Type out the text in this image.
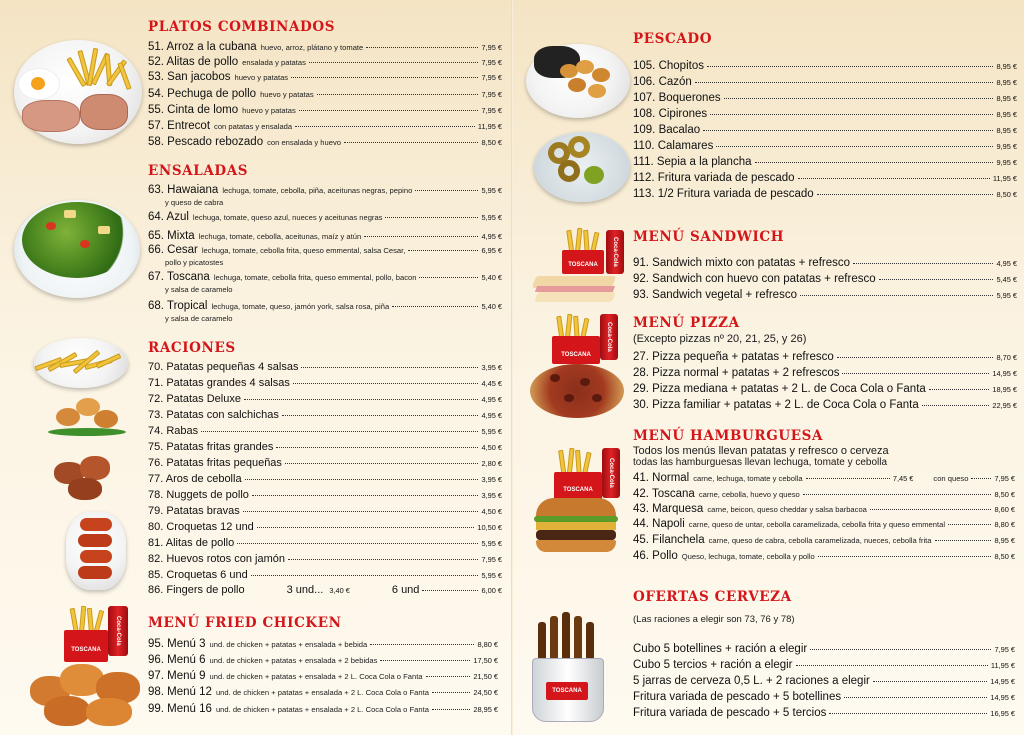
PLATOS COMBINADOS
51. Arroz a la cubana huevo, arroz, plátano y tomate	7,95 €
52. Alitas de pollo ensalada y patatas	7,95 €
53. San jacobos huevo y patatas	7,95 €
54. Pechuga de pollo huevo y patatas	7,95 €
55. Cinta de lomo huevo y patatas	7,95 €
57. Entrecot con patatas y ensalada	11,95 €
58. Pescado rebozado con ensalada y huevo	8,50 €
ENSALADAS
63. Hawaiana lechuga, tomate, cebolla, piña, aceitunas negras, pepino	5,95 €
y queso de cabra
64. Azul lechuga, tomate, queso azul, nueces y aceitunas negras	5,95 €
65. Mixta lechuga, tomate, cebolla, aceitunas, maíz y atún	4,95 €
66. Cesar lechuga, tomate, cebolla frita, queso emmental, salsa Cesar,	6,95 €
pollo y picatostes
67. Toscana lechuga, tomate, cebolla frita, queso emmental, pollo, bacon	5,40 €
y salsa de caramelo
68. Tropical lechuga, tomate, queso, jamón york, salsa rosa, piña	5,40 €
y salsa de caramelo
RACIONES
70. Patatas pequeñas 4 salsas	3,95 €
71. Patatas grandes 4 salsas	4,45 €
72. Patatas Deluxe	4,95 €
73. Patatas con salchichas	4,95 €
74. Rabas	5,95 €
75. Patatas fritas grandes	4,50 €
76. Patatas fritas pequeñas	2,80 €
77. Aros de cebolla	3,95 €
78. Nuggets de pollo	3,95 €
79. Patatas bravas	4,50 €
80. Croquetas 12 und	10,50 €
81. Alitas de pollo	5,95 €
82. Huevos rotos con jamón	7,95 €
85. Croquetas 6 und	5,95 €
86. Fingers de pollo	3 und... 3,40 €	6 und	6,00 €
TOSCANA
Coca-Cola	MENÚ FRIED CHICKEN
95. Menú 3 und. de chicken + patatas + ensalada + bebida	8,80 €
96. Menú 6 und. de chicken + patatas + ensalada + 2 bebidas	17,50 €
97. Menú 9 und. de chicken + patatas + ensalada + 2 L. Coca Cola o Fanta	21,50 €
98. Menú 12 und. de chicken + patatas + ensalada + 2 L. Coca Cola o Fanta	24,50 €
99. Menú 16 und. de chicken + patatas + ensalada + 2 L. Coca Cola o Fanta	28,95 €
PESCADO
105. Chopitos	8,95 €
106. Cazón	8,95 €
107. Boquerones	8,95 €
108. Cipirones	8,95 €
109. Bacalao	8,95 €
110. Calamares	9,95 €
111. Sepia a la plancha	9,95 €
112. Fritura variada de pescado	11,95 €
113. 1/2 Fritura variada de pescado	8,50 €
TOSCANA	Coca-Cola
MENÚ SANDWICH
91. Sandwich mixto con patatas + refresco	4,95 €
92. Sandwich con huevo con patatas + refresco	5,45 €
93. Sandwich vegetal + refresco	5,95 €
TOSCANA
Coca-Cola	MENÚ PIZZA
(Excepto pizzas nº 20, 21, 25, y 26)
27. Pizza pequeña + patatas + refresco	8,70 €
28. Pizza normal + patatas + 2 refrescos	14,95 €
29. Pizza mediana + patatas + 2 L. de Coca Cola o Fanta	18,95 €
30. Pizza familiar + patatas + 2 L. de Coca Cola o Fanta	22,95 €
TOSCANA
Coca-Cola
MENÚ HAMBURGUESA
Todos los menús llevan patatas y refresco o cerveza
todas las hamburguesas llevan lechuga, tomate y cebolla
41. Normal carne, lechuga, tomate y cebolla	7,45 €	con queso	7,95 €
42. Toscana carne, cebolla, huevo y queso	8,50 €
43. Marquesa carne, beicon, queso cheddar y salsa barbacoa	8,60 €
44. Napoli carne, queso de untar, cebolla caramelizada, cebolla frita y queso emmental	8,80 €
45. Filanchela carne, queso de cabra, cebolla caramelizada, nueces, cebolla frita	8,95 €
46. Pollo Queso, lechuga, tomate, cebolla y pollo	8,50 €
TOSCANA
OFERTAS CERVEZA
(Las raciones a elegir son 73, 76 y 78)
Cubo 5 botellines + ración a elegir	7,95 €
Cubo 5 tercios + ración a elegir	11,95 €
5 jarras de cerveza 0,5 L. + 2 raciones a elegir	14,95 €
Fritura variada de pescado + 5 botellines	14,95 €
Fritura variada de pescado + 5 tercios	16,95 €
